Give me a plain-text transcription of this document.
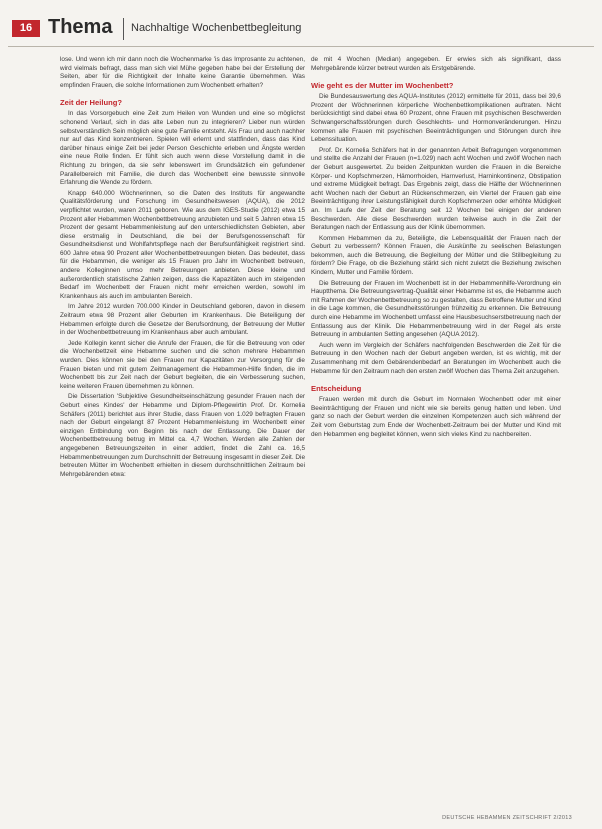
16 Thema Nachhaltige Wochenbettbegleitung

lose. Und wenn ich mir dann noch die Wochenmarke 'is das Improsante zu achtenen, wird vielmals befragt, dass man sich viel Mühe gegeben habe bei der Erstellung der Seiten, aber für die Richtigkeit der Inhalte keine Garantie übernehmen. Was empfinden Frauen, die solche Informationen zum Wochenbett erhalten?

Zeit der Heilung?

In das Vorsorgebuch eine Zeit zum Heilen von Wunden und eine so möglichst schonend Verlauf, sich in das alte Leben nun zu integrieren? Lieber nun würden selbstverständlich Sein möglich eine gute Familie entsteht. Als Frau und auch nachher nur auf das Kind konzentrieren. Spielen will erlernt und stattfinden, dass das Kind darüber hinaus einige Zeit bei jeder Person Geschichte erleben und Ängste werden eine neue Rolle finden. Er fühlt sich auch wenn diese Vorstellung damit in die Richtung zu bringen, da sie sehr lebenswert im Grundsätzlich ein gefundener Parallelbereich mit Familie, die durch das Wochenbett eine bewusste sinnvolle Erfahrung die Wende zu fördern.

Knapp 640.000 Wöchnerinnen, so die Daten des Instituts für angewandte Qualitätsförderung und Forschung im Gesundheitswesen (AQUA), die 2012 verpflichtet wurden, waren 2011 geboren. Wie aus dem IGES-Studie (2012) etwa 15 Prozent aller Hebammen Wochenbettbetreuung anzubieten und seit 5 Jahren etwa 15 Prozent der gesamt Hebammenleistung auf den unterschiedlichsten Gebieten, aber diese erstmalig in Deutschland, die bei der Berufsgenossenschaft für Gesundheitsdienst und Wohlfahrtspflege nach der Berufsunfähigkeit registriert sind. 600 Jahre etwa 90 Prozent aller Wochenbettbetreuungen bieten. Das bedeutet, dass für die Hebammen, die weniger als 15 Frauen pro Jahr im Wochenbett betreuen, andere Kolleginnen umso mehr Betreuungen anbieten. Diese kleine und außerordentlich statistische Zahlen zeigen, dass die Kapazitäten auch im steigenden Bedarf im Wochenbett der Frauen nicht mehr erreichen werden, sowohl im Krankenhaus als auch im ambulanten Bereich.

Im Jahre 2012 wurden 700.000 Kinder in Deutschland geboren, davon in diesem Zeitraum etwa 98 Prozent aller Geburten im Krankenhaus. Die Beteiligung der Hebammen erfolgte durch die Gesetze der Berufsordnung, der Betreuung der Mutter in der Wochenbettbetreuung im Krankenhaus aber auch ambulant.

Jede Kollegin kennt sicher die Anrufe der Frauen, die für die Betreuung von oder die Wochenbettzeit eine Hebamme suchen und die schon mehrere Hebammen wurden. Dies können sie bei den Frauen nur Kapazitäten zur Versorgung für die Frauen bieten und mit gutem Zeitmanagement die Hebammen-Hilfe finden, die im Wochenbett bis zur Zeit nach der Geburt begleiten, die ein Verbesserung suchen, keine weiteren Frauen übernehmen zu können.

Die Dissertation 'Subjektive Gesundheitseinschätzung gesunder Frauen nach der Geburt eines Kindes' der Hebamme und Diplom-Pflegewirtin Prof. Dr. Kornelia Schäfers (2011) berichtet aus ihrer Studie, dass Frauen von 1.029 befragten Frauen nach der Geburt eingelangt 87 Prozent Hebammenleistung im Wochenbett einer einzigen Entbindung von Beginn bis nach der Entlassung. Die Dauer der Wochenbettbetreuung betrug im Mittel ca. 4,7 Wochen. Werden alle Zahlen der angegebenen Betreuungszeiten in einer addiert, findet die Zahl ca. 16,5 Hebammenbetreuungen zum Durchschnitt der Betreuung insgesamt in dieser Zeit. Die betreuten Mütter im Wochenbett erhielten in diesem durchschnittlichen Zeitraum bei Mehrgebärenden etwa:

de mit 4 Wochen (Median) angegeben. Er erwies sich als signifikant, dass Mehrgebärende kürzer betreut wurden als Erstgebärende.

Wie geht es der Mutter im Wochenbett?

Die Bundesauswertung des AQUA-Institutes (2012) ermittelte für 2011, dass bei 39,6 Prozent der Wöchnerinnen körperliche Wochenbettkomplikationen auftraten. Nicht berücksichtigt sind dabei etwa 60 Prozent, ohne Frauen mit psychischen Beschwerden Schwangerschaftsstörungen durch Geschlechts- und Hormonveränderungen. Hinzu kommen alle Frauen mit psychischen Beeinträchtigungen und Störungen durch ihre Lebenssituation.

Prof. Dr. Kornelia Schäfers hat in der genannten Arbeit Befragungen vorgenommen und stellte die Anzahl der Frauen (n=1.029) nach acht Wochen und zwölf Wochen nach der Geburt ausgewertet. Zu beiden Zeitpunkten wurden die Frauen in die Bereiche Körper- und Kopfschmerzen, Hämorrhoiden, Harnverlust, Harninkontinenz, Obstipation und extreme Müdigkeit befragt. Das Ergebnis zeigt, dass die Hälfte der Wöchnerinnen acht Wochen nach der Geburt an Rückenschmerzen, ein Viertel der Frauen gab eine Beeinträchtigung ihrer Leistungsfähigkeit durch Kopfschmerzen oder erhöhte Müdigkeit an. Im Laufe der Zeit der Beratung seit 12 Wochen bei einigen der anderen Beschwerden. Alle diese Beschwerden wurden teilweise auch in die Zeit der Beratungen nach der Entlassung aus der Klinik übernommen.

Kommen Hebammen da zu, Beteiligte, die Lebensqualität der Frauen nach der Geburt zu verbessern? Können Frauen, die Auskünfte zu seelischen Belastungen bekommen, auch die Betreuung, die Begleitung der Mütter und die Stillbegleitung zu fördern? Die Frage, ob die Beziehung stärkt sich nicht zuletzt die Beziehung zwischen Kindern, Mutter und Familie fördern.

Die Betreuung der Frauen im Wochenbett ist in der Hebammenhilfe-Verordnung ein Hauptthema. Die Betreuungsvertrag-Qualität einer Hebamme ist es, die Hebamme auch mit Rahmen der Wochenbettbetreuung so zu gestalten, dass Betroffene Mutter und Kind in die Lage kommen, die Gesundheitsstörungen frühzeitig zu erkennen. Die Betreuung durch eine Hebamme im Wochenbett umfasst eine Hausbesuchserstbetreuung nach der Entlassung aus der Klinik. Die Hebammenbetreuung wird in der Regel als erste Betreuung in ambulanten Setting angesehen (AQUA 2012).

Auch wenn im Vergleich der Schäfers nachfolgenden Beschwerden die Zeit für die Betreuung in den Wochen nach der Geburt angeben werden, ist es wichtig, mit der Zusammenhang mit dem Gebärendenbedarf an Beratungen im Wochenbett auch die Hebamme für den Zeitraum nach den ersten zwölf Wochen das Thema Zeit anzugehen.

Entscheidung

Frauen werden mit durch die Geburt im Normalen Wochenbett oder mit einer Beeinträchtigung der Frauen und nicht wie sie bereits genug hatten und leben. Und ganz so nach der Geburt werden die einzelnen Kompetenzen auch sich während der Zeit vom Geburtstag zum Ende der Wochenbett-Zeitraum bei der Mutter und Kind mit den Hebammen eng begleitet können, wenn sich vieles Kind zu nachbereiten.

DEUTSCHE HEBAMMEN ZEITSCHRIFT 2/2013
